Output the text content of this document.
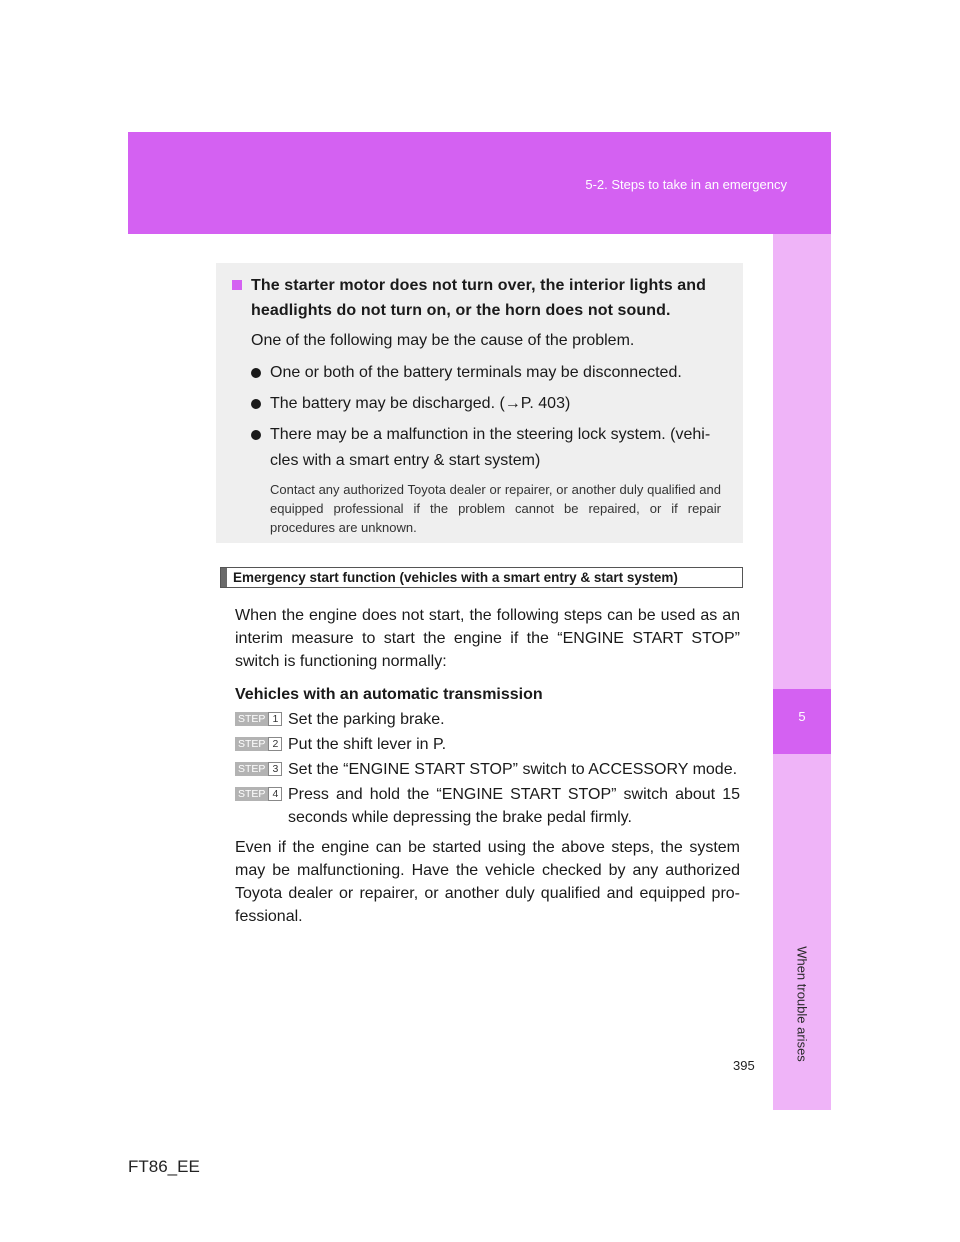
5-2. Steps to take in an emergency
5
When trouble arises
The starter motor does not turn over, the interior lights and headlights do not turn on, or the horn does not sound.
One of the following may be the cause of the problem.
One or both of the battery terminals may be disconnected.
The battery may be discharged. (→P. 403)
There may be a malfunction in the steering lock system. (vehi-cles with a smart entry & start system)
Contact any authorized Toyota dealer or repairer, or another duly qualified and equipped professional if the problem cannot be repaired, or if repair procedures are unknown.
Emergency start function (vehicles with a smart entry & start system)
When the engine does not start, the following steps can be used as an interim measure to start the engine if the “ENGINE START STOP” switch is functioning normally:
Vehicles with an automatic transmission
STEP 1 Set the parking brake.
STEP 2 Put the shift lever in P.
STEP 3 Set the “ENGINE START STOP” switch to ACCESSORY mode.
STEP 4 Press and hold the “ENGINE START STOP” switch about 15 seconds while depressing the brake pedal firmly.
Even if the engine can be started using the above steps, the system may be malfunctioning. Have the vehicle checked by any authorized Toyota dealer or repairer, or another duly qualified and equipped pro-fessional.
395
FT86_EE
